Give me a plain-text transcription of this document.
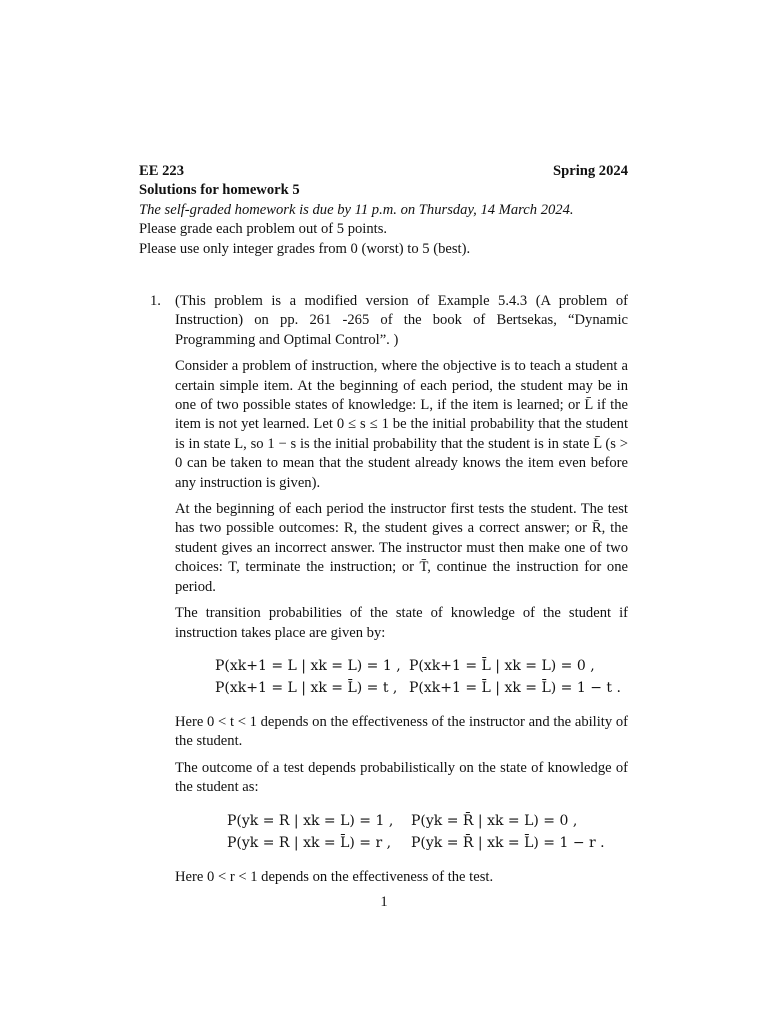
EE 223	Spring 2024
Solutions for homework 5
The self-graded homework is due by 11 p.m. on Thursday, 14 March 2024.
Please grade each problem out of 5 points.
Please use only integer grades from 0 (worst) to 5 (best).
1. (This problem is a modified version of Example 5.4.3 (A problem of Instruction) on pp. 261 -265 of the book of Bertsekas, “Dynamic Programming and Optimal Control”. )

Consider a problem of instruction, where the objective is to teach a student a certain simple item. At the beginning of each period, the student may be in one of two possible states of knowledge: L, if the item is learned; or L̄ if the item is not yet learned. Let 0 ≤ s ≤ 1 be the initial probability that the student is in state L, so 1 − s is the initial probability that the student is in state L̄ (s > 0 can be taken to mean that the student already knows the item even before any instruction is given).

At the beginning of each period the instructor first tests the student. The test has two possible outcomes: R, the student gives a correct answer; or R̄, the student gives an incorrect answer. The instructor must then make one of two choices: T, terminate the instruction; or T̄, continue the instruction for one period.

The transition probabilities of the state of knowledge of the student if instruction takes place are given by:

P(xk+1 = L | xk = L) = 1 , P(xk+1 = L̄ | xk = L) = 0 ,
P(xk+1 = L | xk = L̄) = t , P(xk+1 = L̄ | xk = L̄) = 1 − t .

Here 0 < t < 1 depends on the effectiveness of the instructor and the ability of the student.

The outcome of a test depends probabilistically on the state of knowledge of the student as:

P(yk = R | xk = L) = 1 ,	P(yk = R̄ | xk = L) = 0 ,
P(yk = R | xk = L̄) = r ,	P(yk = R̄ | xk = L̄) = 1 − r .

Here 0 < r < 1 depends on the effectiveness of the test.

1
